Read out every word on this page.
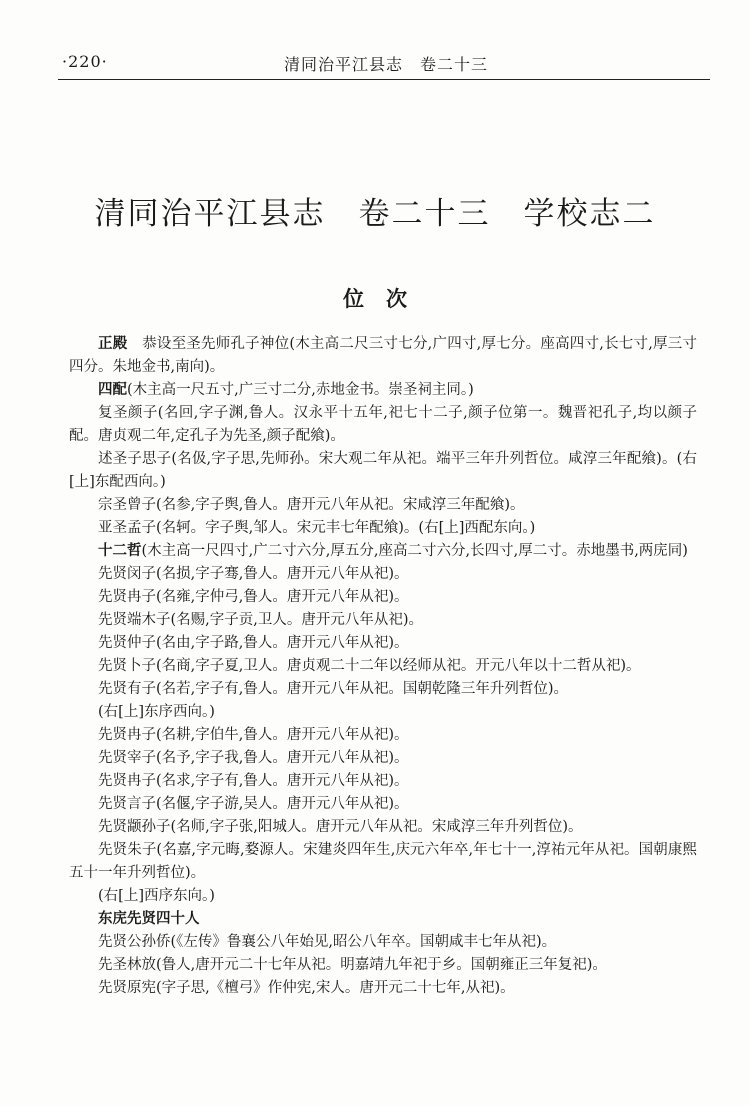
·220·	清同治平江县志　卷二十三
清同治平江县志　卷二十三　学校志二
位次

正殿　恭设至圣先师孔子神位(木主高二尺三寸七分,广四寸,厚七分。座高四寸,长七寸,厚三寸四分。朱地金书,南向)。

四配(木主高一尺五寸,广三寸二分,赤地金书。崇圣祠主同。)

复圣颜子(名回,字子渊,鲁人。汉永平十五年,祀七十二子,颜子位第一。魏晋祀孔子,均以颜子配。唐贞观二年,定孔子为先圣,颜子配飨)。

述圣子思子(名伋,字子思,先师孙。宋大观二年从祀。端平三年升列哲位。咸淳三年配飨)。(右[上]东配西向。)

宗圣曾子(名参,字子舆,鲁人。唐开元八年从祀。宋咸淳三年配飨)。

亚圣孟子(名轲。字子舆,邹人。宋元丰七年配飨)。(右[上]西配东向。)

十二哲(木主高一尺四寸,广二寸六分,厚五分,座高二寸六分,长四寸,厚二寸。赤地墨书,两庑同)

先贤闵子(名损,字子骞,鲁人。唐开元八年从祀)。

先贤冉子(名雍,字仲弓,鲁人。唐开元八年从祀)。

先贤端木子(名赐,字子贡,卫人。唐开元八年从祀)。

先贤仲子(名由,字子路,鲁人。唐开元八年从祀)。

先贤卜子(名商,字子夏,卫人。唐贞观二十二年以经师从祀。开元八年以十二哲从祀)。

先贤有子(名若,字子有,鲁人。唐开元八年从祀。国朝乾隆三年升列哲位)。

(右[上]东序西向。)

先贤冉子(名耕,字伯牛,鲁人。唐开元八年从祀)。

先贤宰子(名予,字子我,鲁人。唐开元八年从祀)。

先贤冉子(名求,字子有,鲁人。唐开元八年从祀)。

先贤言子(名偃,字子游,吴人。唐开元八年从祀)。

先贤颛孙子(名师,字子张,阳城人。唐开元八年从祀。宋咸淳三年升列哲位)。

先贤朱子(名嘉,字元晦,婺源人。宋建炎四年生,庆元六年卒,年七十一,淳祐元年从祀。国朝康熙五十一年升列哲位)。

(右[上]西序东向。)

东庑先贤四十人

先贤公孙侨(《左传》鲁襄公八年始见,昭公八年卒。国朝咸丰七年从祀)。

先圣林放(鲁人,唐开元二十七年从祀。明嘉靖九年祀于乡。国朝雍正三年复祀)。

先贤原宪(字子思,《檀弓》作仲宪,宋人。唐开元二十七年,从祀)。
